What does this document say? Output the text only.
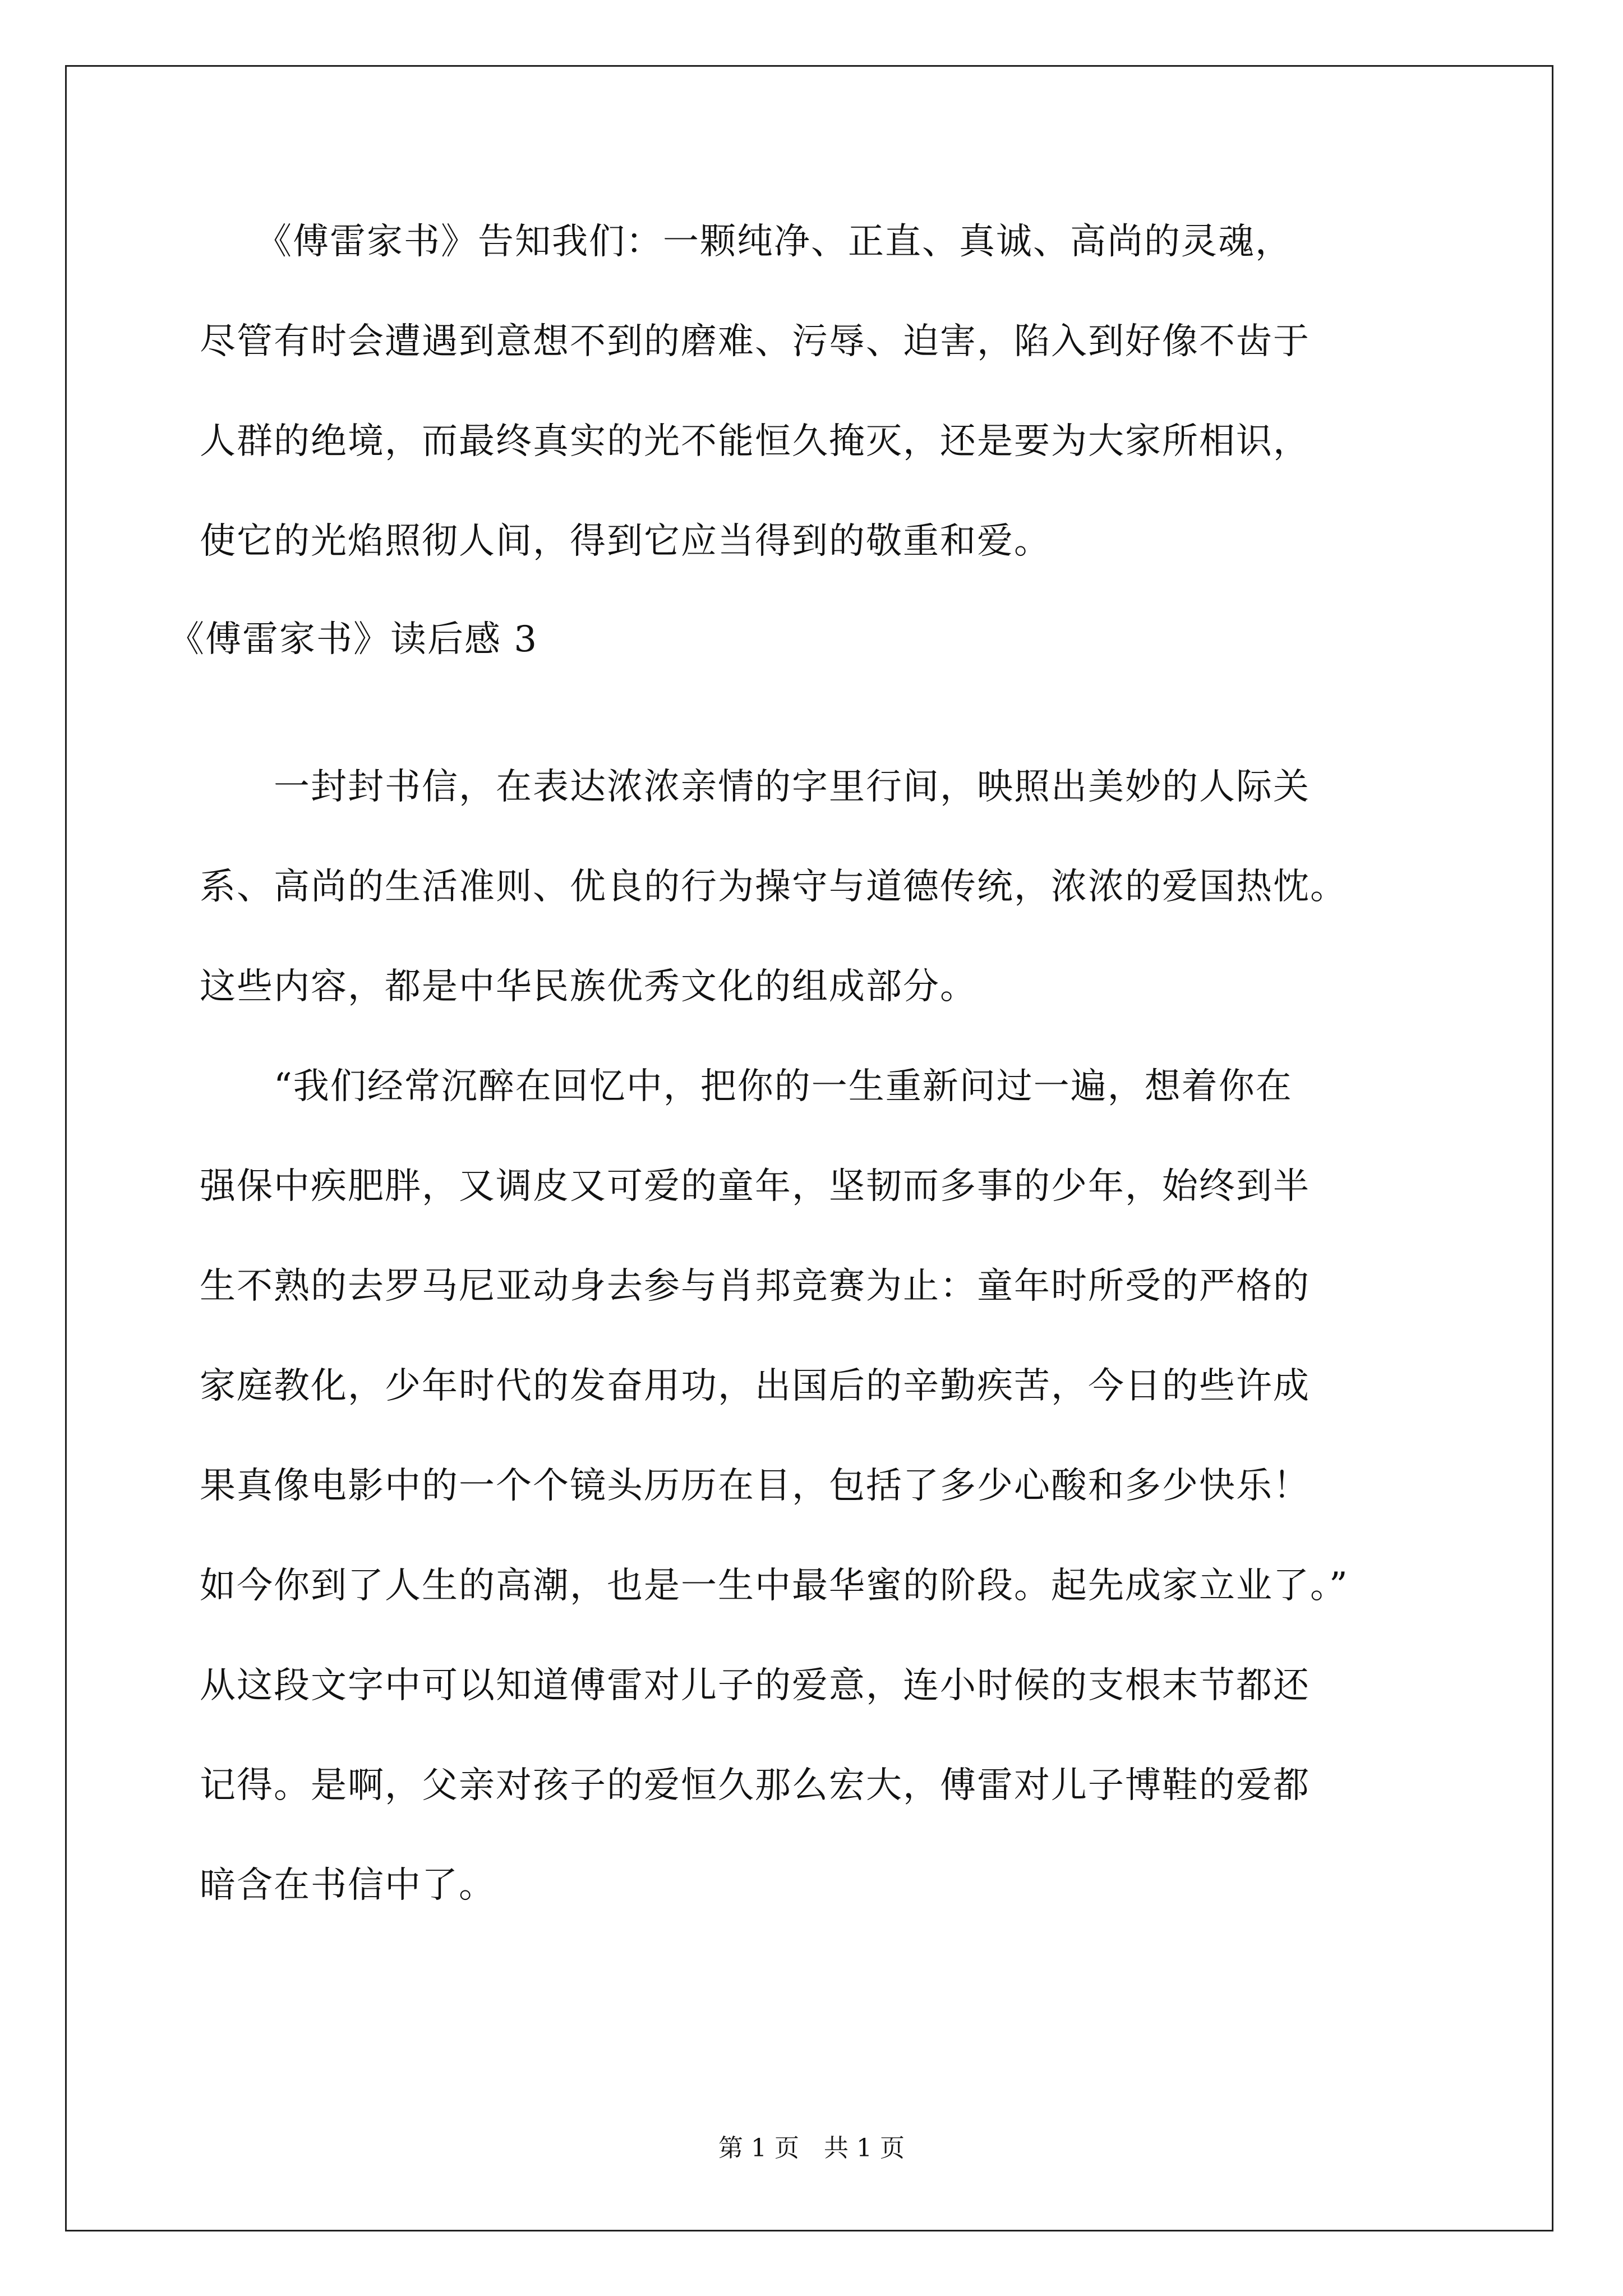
　　《傅雷家书》告知我们：一颗纯净、正直、真诚、高尚的灵魂，
尽管有时会遭遇到意想不到的磨难、污辱、迫害，陷入到好像不齿于
人群的绝境，而最终真实的光不能恒久掩灭，还是要为大家所相识，
使它的光焰照彻人间，得到它应当得到的敬重和爱。
《傅雷家书》读后感 3
　　一封封书信，在表达浓浓亲情的字里行间，映照出美妙的人际关
系、高尚的生活准则、优良的行为操守与道德传统，浓浓的爱国热忱。
这些内容，都是中华民族优秀文化的组成部分。
　　“我们经常沉醉在回忆中，把你的一生重新问过一遍，想着你在
强保中疾肥胖，又调皮又可爱的童年，坚韧而多事的少年，始终到半
生不熟的去罗马尼亚动身去参与肖邦竞赛为止：童年时所受的严格的
家庭教化，少年时代的发奋用功，出国后的辛勤疾苦，今日的些许成
果真像电影中的一个个镜头历历在目，包括了多少心酸和多少快乐！
如今你到了人生的高潮，也是一生中最华蜜的阶段。起先成家立业了。”
从这段文字中可以知道傅雷对儿子的爱意，连小时候的支根末节都还
记得。是啊，父亲对孩子的爱恒久那么宏大，傅雷对儿子博鞋的爱都
暗含在书信中了。
第 1 页　共 1 页
